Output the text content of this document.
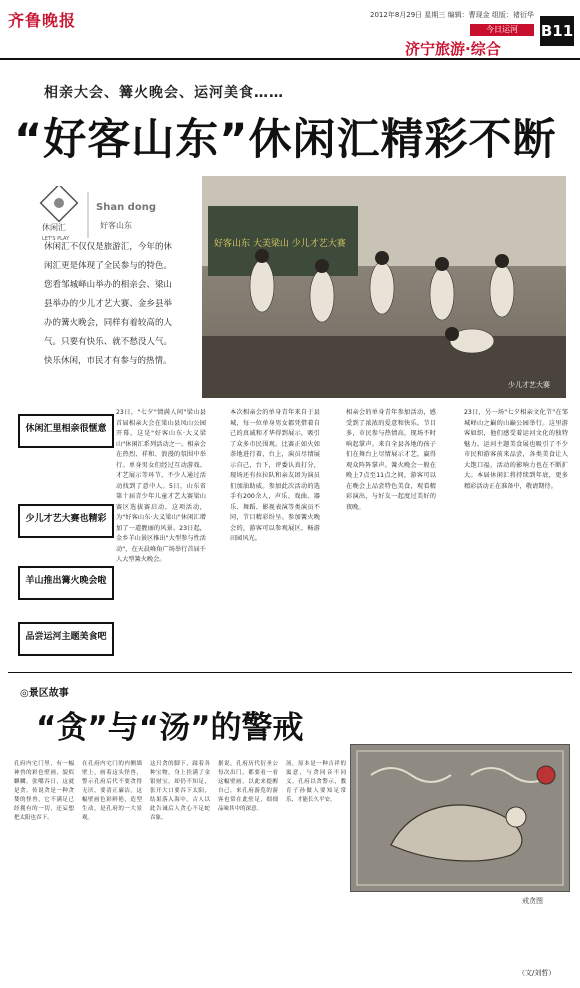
齐鲁晚报	2012年8月29日 星期三 编辑：曹现金 组版：褚衍华
今日运河
济宁旅游·综合
B11
相亲大会、篝火晚会、运河美食……
“好客山东”休闲汇精彩不断
休闲汇
LET'S PLAY
Shan dong
好客山东
休闲汇不仅仅是旅游汇，今年的休闲汇更是体现了全民参与的特色。您看邹城峄山举办的相亲会、梁山县举办的少儿才艺大赛、金乡县举办的篝火晚会，同样有着较高的人气。只要有快乐、就不愁没人气。快乐休闲，市民才有参与的热情。
好客山东 大美梁山 少儿才艺大赛
少儿才艺大赛
休闲汇里相亲很惬意
少儿才艺大赛也精彩
羊山推出篝火晚会啦
品尝运河主题美食吧
23日，"七夕"情满人间"梁山县首届相亲大会在梁山县凤山公园开幕，这是"好客山东·大义梁山"休闲汇系列活动之一。相亲会在热烈、祥和、浪漫的氛围中举行。单身男女们经过互动游戏、才艺展示等环节，不少人通过活动找到了意中人。5日，山东省第十届青少年儿童才艺大赛梁山赛区选拔赛启动，这项活动，为"好客山东·大义梁山"休闲汇增加了一道靓丽的风景。23日起，金乡羊山景区推出"大型参与性活动"，在天晨峰角广场举行首届千人大型篝火晚会。
本次相亲会的单身青年来自于县城，每一位单身男女都凭借着自己的真诚和才华得到展示，吸引了众多市民围观。比赛正如火如荼地进行着，台上，演员尽情展示自己，台下，评委认真打分，现场还有拉拉队和亲友团为演员们加油助威。参加此次活动的选手有200余人，声乐、戏曲、器乐、舞蹈、影视表演等类演员不同，节目精彩纷呈。参加篝火晚会的，游客可以参观展区，畅游田园风光。
相亲会的单身青年参加活动，感受到了浓浓的爱意和快乐。节目多，市民参与热情高，现场不时响起掌声。来自全县各地的孩子们在舞台上尽情展示才艺，赢得观众阵阵掌声。篝火晚会一般在晚上7点至11点之间，游客可以在晚会上品尝特色美食，观看精彩演出，与好友一起度过美好的夜晚。
23日，另一场"七夕相亲文化节"在邹城峄山之巅的山巅公园举行。这里游客如织，他们感受着运河文化的独特魅力。运河主题美食展也吸引了不少市民和游客前来品尝，各类美食让人大饱口福，活动的影响力也在不断扩大。本届休闲汇将持续到年底，更多精彩活动正在准备中，敬请期待。
◎景区故事
“贪”与“汤”的警戒
孔府内宅门里，有一幅神兽的彩色壁画，貌似麒麟，张嘴吞日，这就是贪。传说贪是一种贪婪的怪兽，它不满足已经拥有的一切，还妄想把太阳也吞下。
在孔府内宅门的内侧墙壁上，画着这头怪兽，警示孔府后代不要贪得无厌，要清正廉洁。这幅壁画色彩鲜艳，造型生动，是孔府的一大景观。
这只贪的脚下，踩着各种宝物，身上挂满了金银财宝，却仍不知足，张开大口要吞下太阳，结果落入海中。古人以此告诫后人贪心不足蛇吞象。
据说，孔府历代衍圣公每次出门，都要看一看这幅壁画，以此来提醒自己。来孔府游览的游客也常在此驻足，细细品味其中的深意。
汤，原本是一种吉祥的寓意，与贪同音不同义。孔府以贪警示，教育子孙做人要知足常乐，才能长久平安。
戒贪图
（文/刘哲）
